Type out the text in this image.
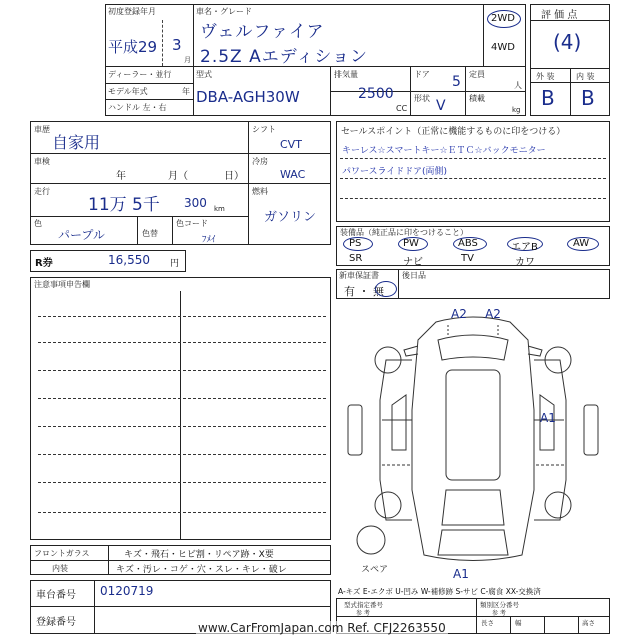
初度登録年月
平成29 3
月
車名・グレード
ヴェルファイア
2.5Z Aエディション
2WD
4WD
ディーラー・並行
モデル年式	年
ハンドル 左・右
型式
DBA-AGH30W
排気量
2500
CC
ドア 5
形状 V
定員
人
積載
kg
評 価 点
(4)
外 装	内 装
B B
車歴
自家用
車検
年	月（	日）
走行
11万 5千 300 km
色
パープル	色替
色コード
ﾌﾒｲ
シフト
CVT
冷房
WAC
燃料
ガソリン
R券	16,550 円
注意事項申告欄
セールスポイント（正常に機能するものに印をつける）
キーレス☆スマートキー☆ＥＴＣ☆バックモニター
パワースライドドア(両側)
装備品（純正品に印をつけること）
PS	PW	ABS	エアB	AW
SR	ナビ	TV	カワ
新車保証書
有 ・ 無
後日品
A2 A2
A1
A1
スペア
A-キズ E-エクボ U-凹み W-補修跡 S-サビ C-腐食 XX-交換済
フロントガラス	キズ・飛石・ヒビ割・リペア跡・X要
内装	キズ・汚レ・コゲ・穴・スレ・キレ・破レ
車台番号 0120719
登録番号
型式指定番号
参 考
類別区分番号
参 考
長さ	幅	高さ
www.CarFromJapan.com Ref. CFJ2263550
